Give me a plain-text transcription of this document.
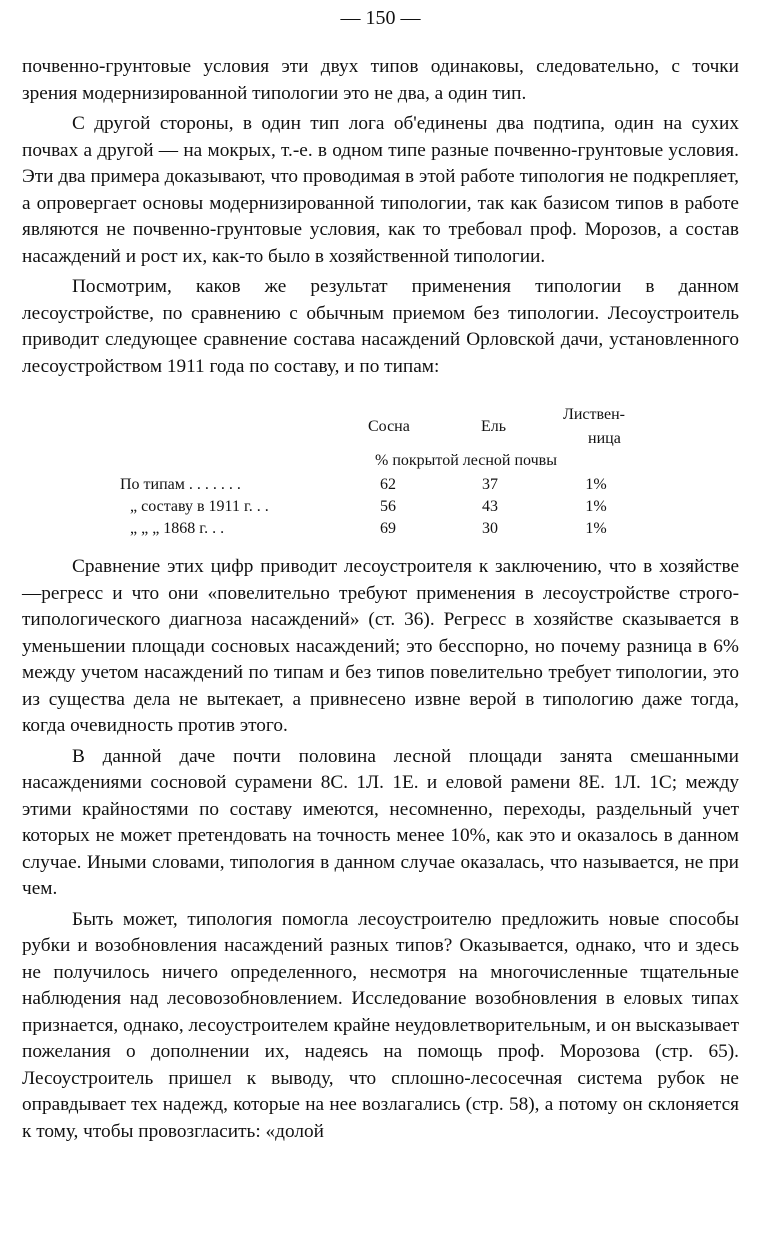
— 150 —

почвенно-грунтовые условия эти двух типов одинаковы, следовательно, с точки зрения модернизированной типологии это не два, а один тип.

С другой стороны, в один тип лога об'единены два подтипа, один на сухих почвах а другой — на мокрых, т.-е. в одном типе разные почвенно-грунтовые условия. Эти два примера доказывают, что проводимая в этой работе типология не подкрепляет, а опровергает основы модернизированной типологии, так как базисом типов в работе являются не почвенно-грунтовые условия, как то требовал проф. Морозов, а состав насаждений и рост их, как-то было в хозяйственной типологии.

Посмотрим, каков же результат применения типологии в данном лесоустройстве, по сравнению с обычным приемом без типологии. Лесоустроитель приводит следующее сравнение состава насаждений Орловской дачи, установленного лесоустройством 1911 года по составу, и по типам:

Сосна	Ель
Листвен-
ница
% покрытой лесной почвы
По типам . . . . . . .	62	37	1%
„ составу в 1911 г. . .	56	43	1%
„ „ „ 1868 г. . .	69	30	1%

Сравнение этих цифр приводит лесоустроителя к заключению, что в хозяйстве—регресс и что они «повелительно требуют применения в лесоустройстве строго-типологического диагноза насаждений» (ст. 36). Регресс в хозяйстве сказывается в уменьшении площади сосновых насаждений; это бесспорно, но почему разница в 6% между учетом насаждений по типам и без типов повелительно требует типологии, это из существа дела не вытекает, а привнесено извне верой в типологию даже тогда, когда очевидность против этого.

В данной даче почти половина лесной площади занята смешанными насаждениями сосновой сурамени 8С. 1Л. 1Е. и еловой рамени 8Е. 1Л. 1С; между этими крайностями по составу имеются, несомненно, переходы, раздельный учет которых не может претендовать на точность менее 10%, как это и оказалось в данном случае. Иными словами, типология в данном случае оказалась, что называется, не при чем.

Быть может, типология помогла лесоустроителю предложить новые способы рубки и возобновления насаждений разных типов? Оказывается, однако, что и здесь не получилось ничего определенного, несмотря на многочисленные тщательные наблюдения над лесовозобновлением. Исследование возобновления в еловых типах признается, однако, лесоустроителем крайне неудовлетворительным, и он высказывает пожелания о дополнении их, надеясь на помощь проф. Морозова (стр. 65). Лесоустроитель пришел к выводу, что сплошно-лесосечная система рубок не оправдывает тех надежд, которые на нее возлагались (стр. 58), а потому он склоняется к тому, чтобы провозгласить: «долой
